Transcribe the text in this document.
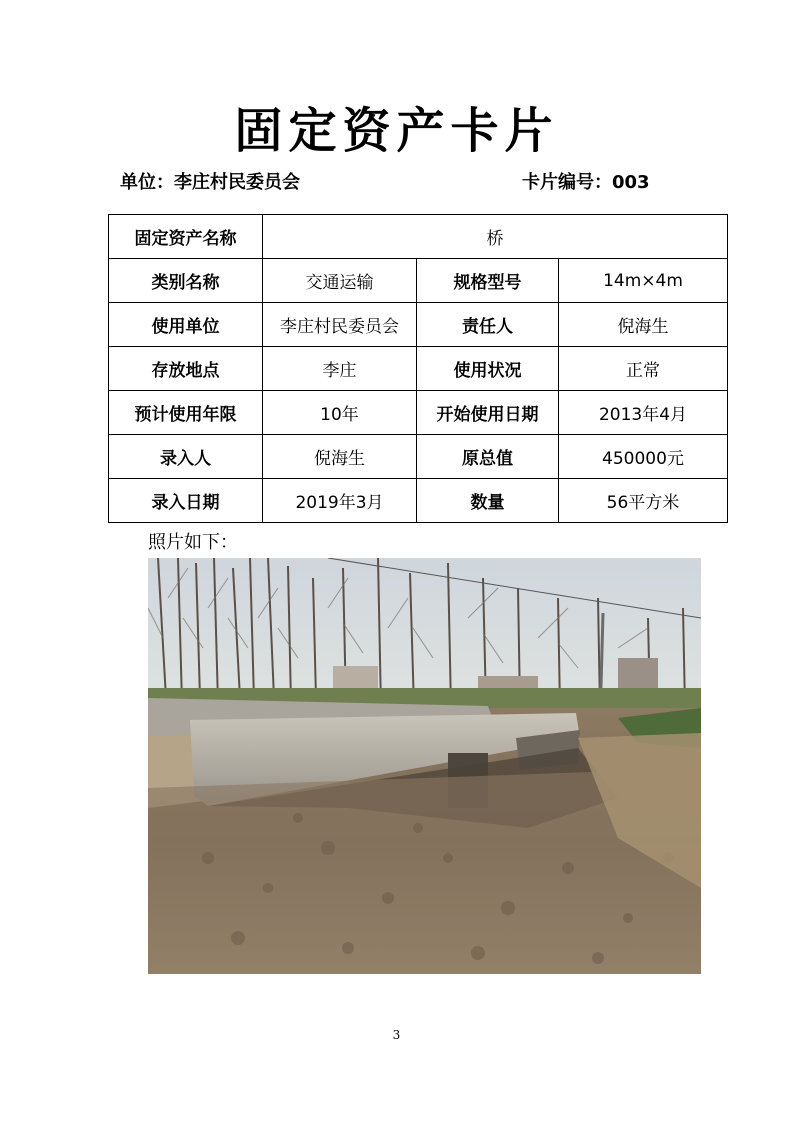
固定资产卡片
单位：李庄村民委员会	卡片编号：003
固定资产名称	桥		
类别名称	交通运输	规格型号	14m×4m
使用单位	李庄村民委员会	责任人	倪海生
存放地点	李庄	使用状况	正常
预计使用年限	10年	开始使用日期	2013年4月
录入人	倪海生	原总值	450000元
录入日期	2019年3月	数量	56平方米
照片如下：
3
